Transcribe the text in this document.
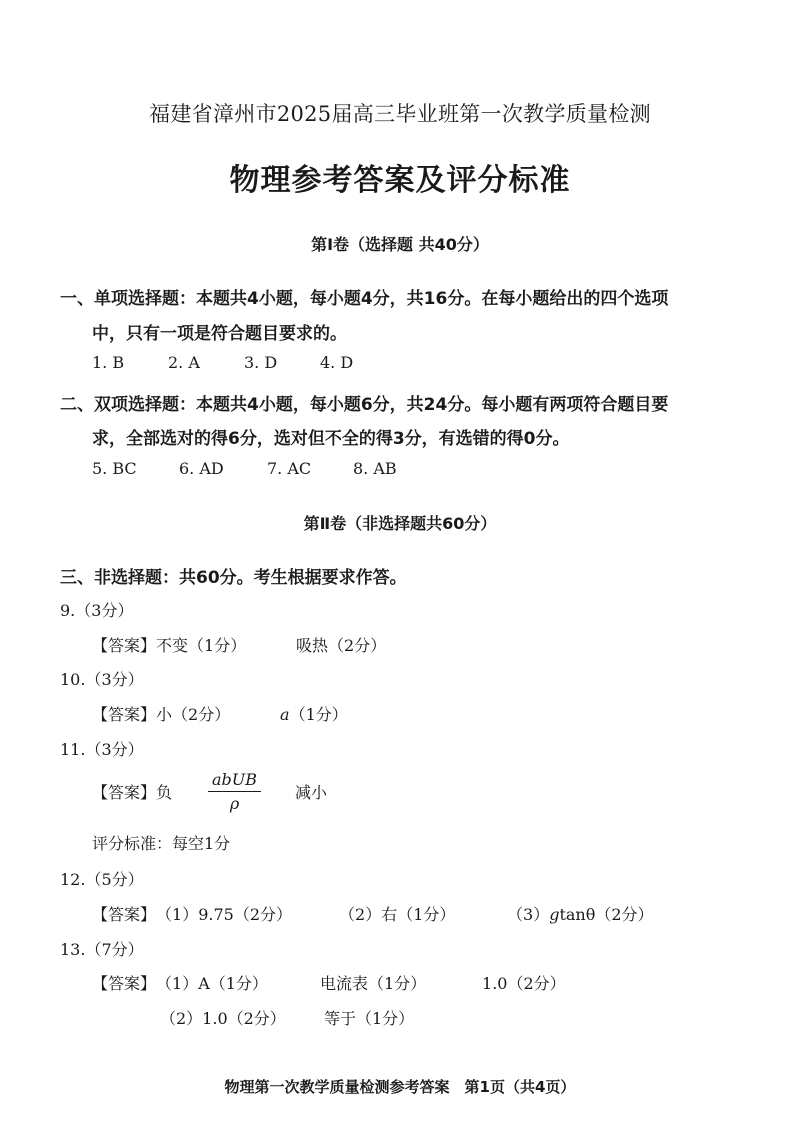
福建省漳州市2025届高三毕业班第一次教学质量检测
物理参考答案及评分标准
第Ⅰ卷（选择题 共40分）
一、单项选择题：本题共4小题，每小题4分，共16分。在每小题给出的四个选项
中，只有一项是符合题目要求的。
1. B	2. A	3. D	4. D
二、双项选择题：本题共4小题，每小题6分，共24分。每小题有两项符合题目要
求，全部选对的得6分，选对但不全的得3分，有选错的得0分。
5. BC	6. AD	7. AC	8. AB
第Ⅱ卷（非选择题共60分）
三、非选择题：共60分。考生根据要求作答。
9.（3分）
【答案】不变（1分）	吸热（2分）
10.（3分）
【答案】小（2分）	a（1分）
11.（3分）
【答案】负 $\frac{\text{abUB}}{\rho}$ 减小
评分标准：每空1分
12.（5分）
【答案】（1）9.75（2分）	（2）右（1分）	（3）gtanθ（2分）
13.（7分）
【答案】（1）A（1分）	电流表（1分）	1.0（2分）
（2）1.0（2分） 等于（1分）
物理第一次教学质量检测参考答案　第1页（共4页）
